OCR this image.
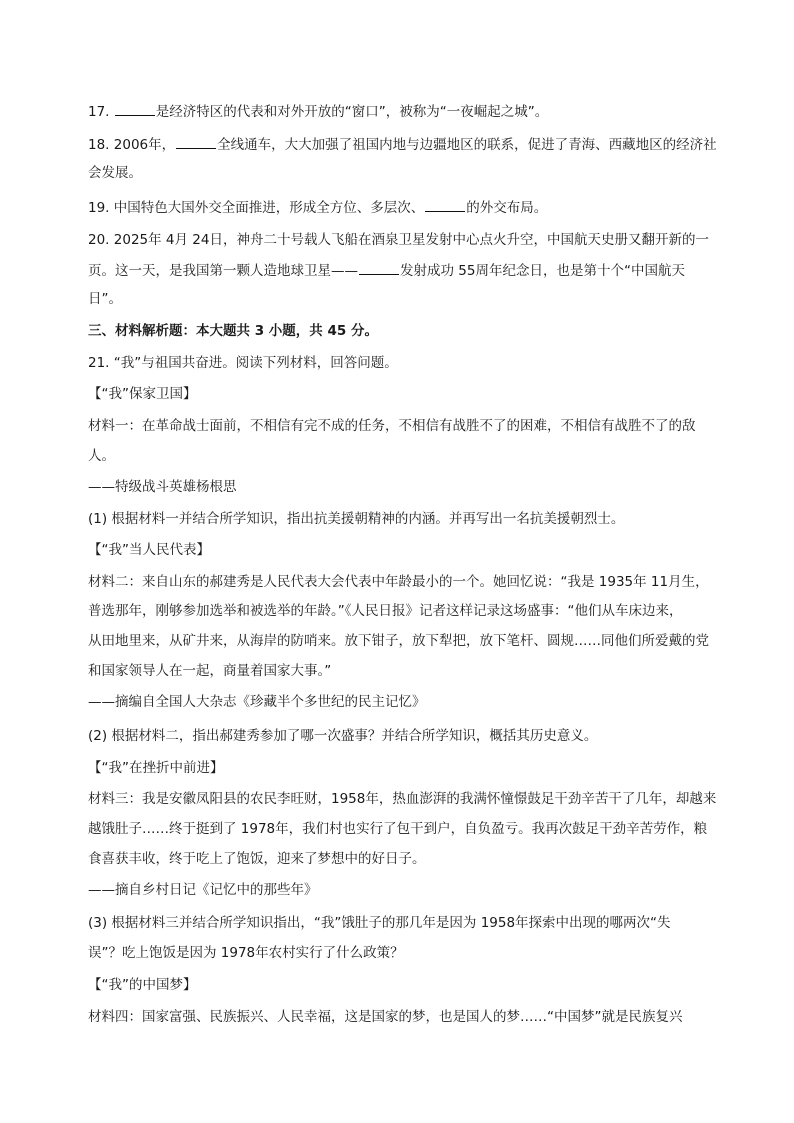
17.	是经济特区的代表和对外开放的“窗口”，被称为“一夜崛起之城”。
18. 2006年，	全线通车，大大加强了祖国内地与边疆地区的联系，促进了青海、西藏地区的经济社
会发展。
19. 中国特色大国外交全面推进，形成全方位、多层次、	的外交布局。
20. 2025年 4月 24日，神舟二十号载人飞船在酒泉卫星发射中心点火升空，中国航天史册又翻开新的一
页。这一天，是我国第一颗人造地球卫星——	发射成功 55周年纪念日，也是第十个“中国航天
日”。
三、材料解析题：本大题共 3 小题，共 45 分。
21. “我”与祖国共奋进。阅读下列材料，回答问题。
【“我”保家卫国】
材料一：在革命战士面前，不相信有完不成的任务，不相信有战胜不了的困难，不相信有战胜不了的敌
人。
——特级战斗英雄杨根思
(1) 根据材料一并结合所学知识，指出抗美援朝精神的内涵。并再写出一名抗美援朝烈士。
【“我”当人民代表】
材料二：来自山东的郝建秀是人民代表大会代表中年龄最小的一个。她回忆说：“我是 1935年 11月生，
普选那年，刚够参加选举和被选举的年龄。”《人民日报》记者这样记录这场盛事：“他们从车床边来，
从田地里来，从矿井来，从海岸的防哨来。放下钳子，放下犁把，放下笔杆、圆规……同他们所爱戴的党
和国家领导人在一起，商量着国家大事。”
——摘编自全国人大杂志《珍藏半个多世纪的民主记忆》
(2) 根据材料二，指出郝建秀参加了哪一次盛事？并结合所学知识，概括其历史意义。
【“我”在挫折中前进】
材料三：我是安徽凤阳县的农民李旺财，1958年，热血澎湃的我满怀憧憬鼓足干劲辛苦干了几年，却越来
越饿肚子……终于挺到了 1978年，我们村也实行了包干到户，自负盈亏。我再次鼓足干劲辛苦劳作，粮
食喜获丰收，终于吃上了饱饭，迎来了梦想中的好日子。
——摘自乡村日记《记忆中的那些年》
(3) 根据材料三并结合所学知识指出，“我”饿肚子的那几年是因为 1958年探索中出现的哪两次“失
误”？吃上饱饭是因为 1978年农村实行了什么政策？
【“我”的中国梦】
材料四：国家富强、民族振兴、人民幸福，这是国家的梦，也是国人的梦……“中国梦”就是民族复兴
